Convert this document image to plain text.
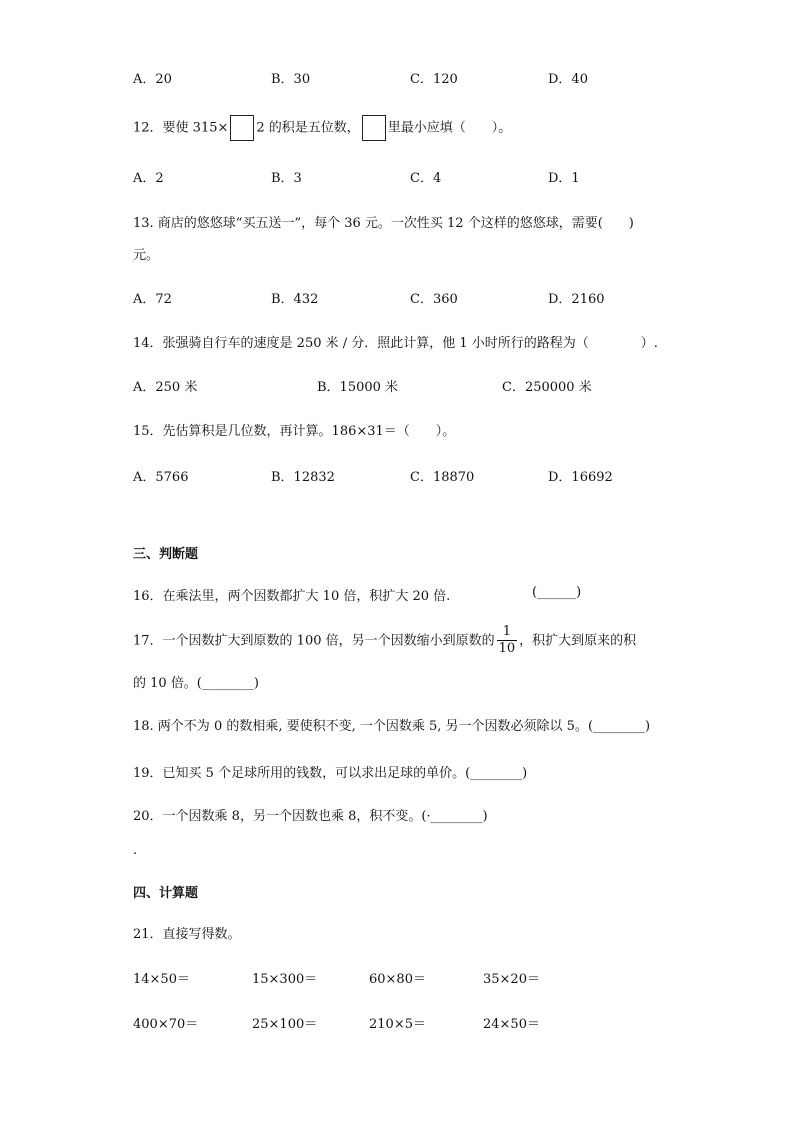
A．20	B．30	C．120	D．40
12．要使 315× 2 的积是五位数， 里最小应填（　　）。
A．2	B．3	C．4	D．1
13. 商店的悠悠球“买五送一”，每个 36 元。一次性买 12 个这样的悠悠球，需要(　　)
元。
A．72	B．432	C．360	D．2160
14．张强骑自行车的速度是 250 米 / 分．照此计算，他 1 小时所行的路程为（　　　　）.
A．250 米	B．15000 米	C．250000 米
15．先估算积是几位数，再计算。186×31＝（　　）。
A．5766	B．12832	C．18870	D．16692
三、判断题
16．在乘法里，两个因数都扩大 10 倍，积扩大 20 倍.	(______)
17．一个因数扩大到原数的 100 倍，另一个因数缩小到原数的 $\frac{1}{10}$ ，积扩大到原来的积
的 10 倍。(________)
18. 两个不为 0 的数相乘, 要使积不变, 一个因数乘 5, 另一个因数必须除以 5。(________)
19．已知买 5 个足球所用的钱数，可以求出足球的单价。(________)
20．一个因数乘 8，另一个因数也乘 8，积不变。(·________)
.
四、计算题
21．直接写得数。
14×50＝	15×300＝	60×80＝	35×20＝
400×70＝	25×100＝	210×5＝	24×50＝
